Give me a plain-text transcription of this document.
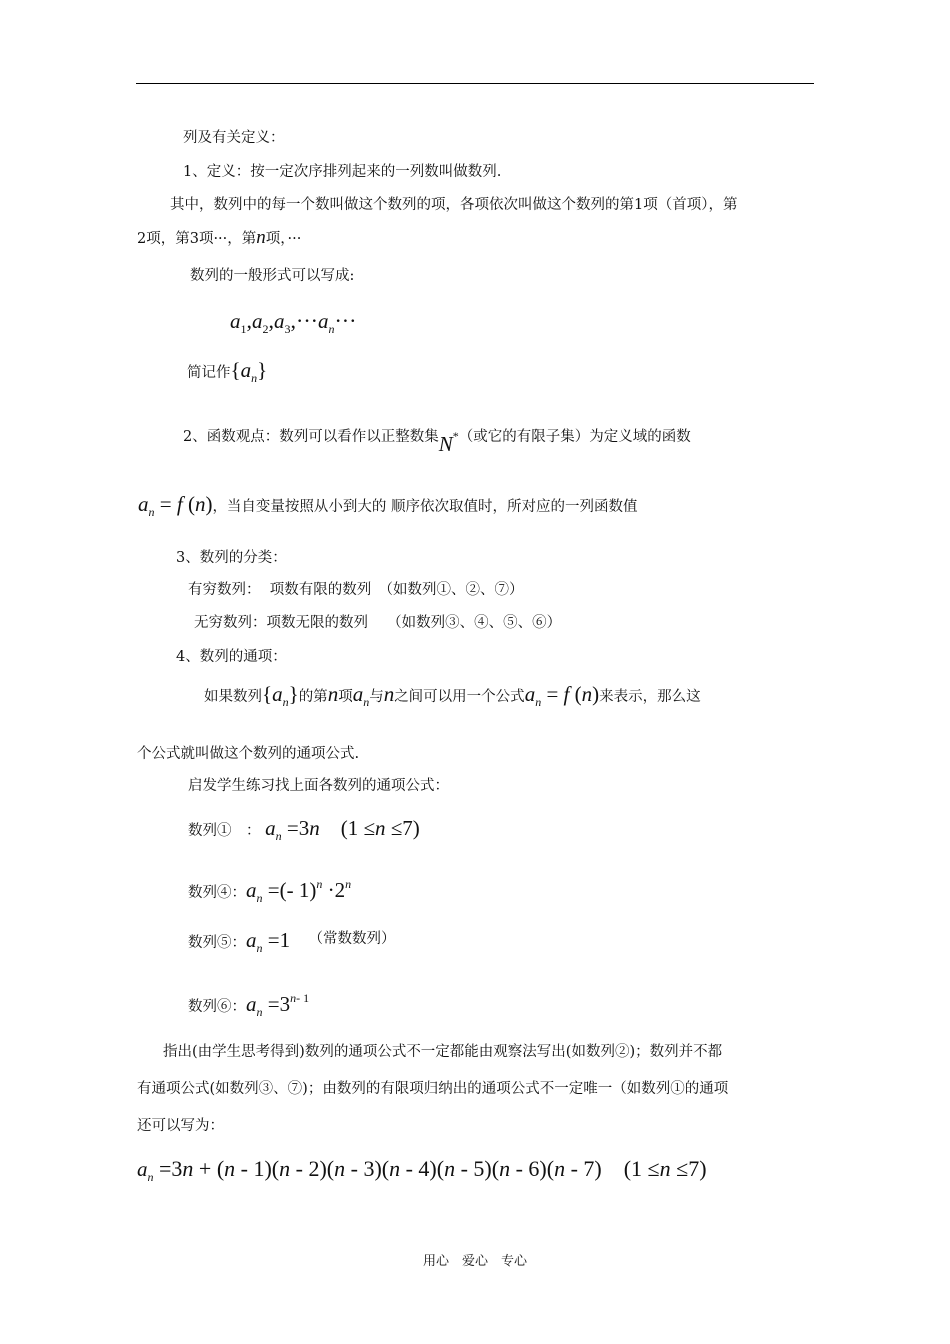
列及有关定义：
1、定义：按一定次序排列起来的一列数叫做数列.
其中，数列中的每一个数叫做这个数列的项，各项依次叫做这个数列的第1项（首项），第
2项，第3项···，第n项，···
数列的一般形式可以写成:
$a_1,a_2,a_3,\cdot\cdot\cdot a_n\cdot\cdot\cdot$
简记作$\{a_n\}$
2、函数观点：数列可以看作以正整数集N*（或它的有限子集）为定义域的函数
$a_n = f$ (n)，当自变量按照从小到大的 顺序依次取值时，所对应的一列函数值
3、数列的分类：
有穷数列： 项数有限的数列　（如数列①、②、⑦）
无穷数列：项数无限的数列　 （如数列③、④、⑤、⑥）
4、数列的通项：
如果数列$\{a_n\}$的第n项$a_n$与n之间可以用一个公式$a_n = f$ (n)来表示，那么这
个公式就叫做这个数列的通项公式.
启发学生练习找上面各数列的通项公式：
数列①　： $a_n =3n$    (1 ≤n ≤7)
数列④：$a_n$ =(- $1)^n \cdot 2^n$
数列⑤：$a_n =1$ （常数数列）
数列⑥：$a_n =3^{n- 1}$
指出(由学生思考得到)数列的通项公式不一定都能由观察法写出(如数列②)；数列并不都
有通项公式(如数列③、⑦)；由数列的有限项归纳出的通项公式不一定唯一（如数列①的通项
还可以写为：
$a_n =3n + (n - 1)(n - 2)(n - 3)(n - 4)(n - 5)(n - 6)(n - 7)$    (1 ≤n ≤7)
用心　爱心　专心
